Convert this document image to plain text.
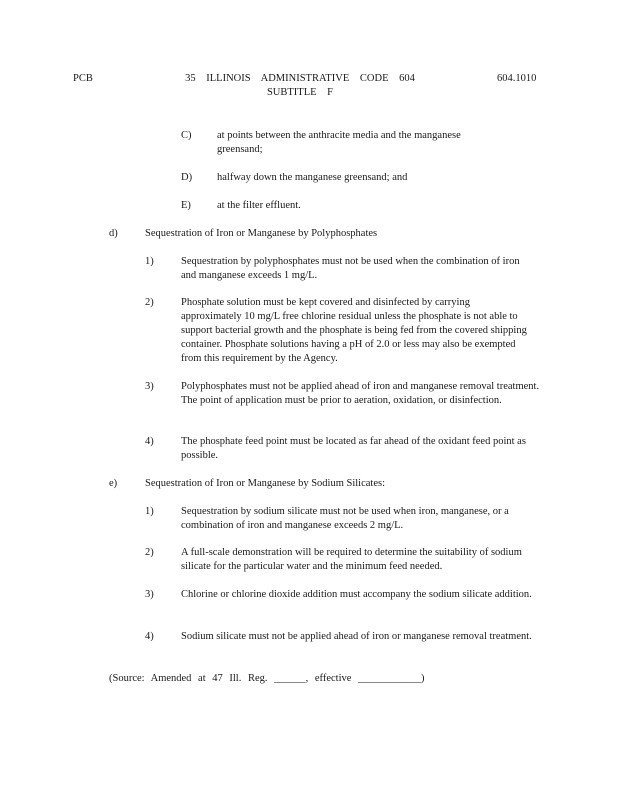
PCB	35 ILLINOIS ADMINISTRATIVE CODE 604
SUBTITLE F
604.1010
C) at points between the anthracite media and the manganese greensand;
D) halfway down the manganese greensand; and
E) at the filter effluent.
d)	Sequestration of Iron or Manganese by Polyphosphates
1)	Sequestration by polyphosphates must not be used when the combination of iron and manganese exceeds 1 mg/L.
2)	Phosphate solution must be kept covered and disinfected by carrying approximately 10 mg/L free chlorine residual unless the phosphate is not able to support bacterial growth and the phosphate is being fed from the covered shipping container. Phosphate solutions having a pH of 2.0 or less may also be exempted from this requirement by the Agency.
3)	Polyphosphates must not be applied ahead of iron and manganese removal treatment. The point of application must be prior to aeration, oxidation, or disinfection.
4)	The phosphate feed point must be located as far ahead of the oxidant feed point as possible.
e)	Sequestration of Iron or Manganese by Sodium Silicates:
1)	Sequestration by sodium silicate must not be used when iron, manganese, or a combination of iron and manganese exceeds 2 mg/L.
2)	A full-scale demonstration will be required to determine the suitability of sodium silicate for the particular water and the minimum feed needed.
3)	Chlorine or chlorine dioxide addition must accompany the sodium silicate addition.
4)	Sodium silicate must not be applied ahead of iron or manganese removal treatment.
(Source: Amended at 47 Ill. Reg. ______, effective ____________)
